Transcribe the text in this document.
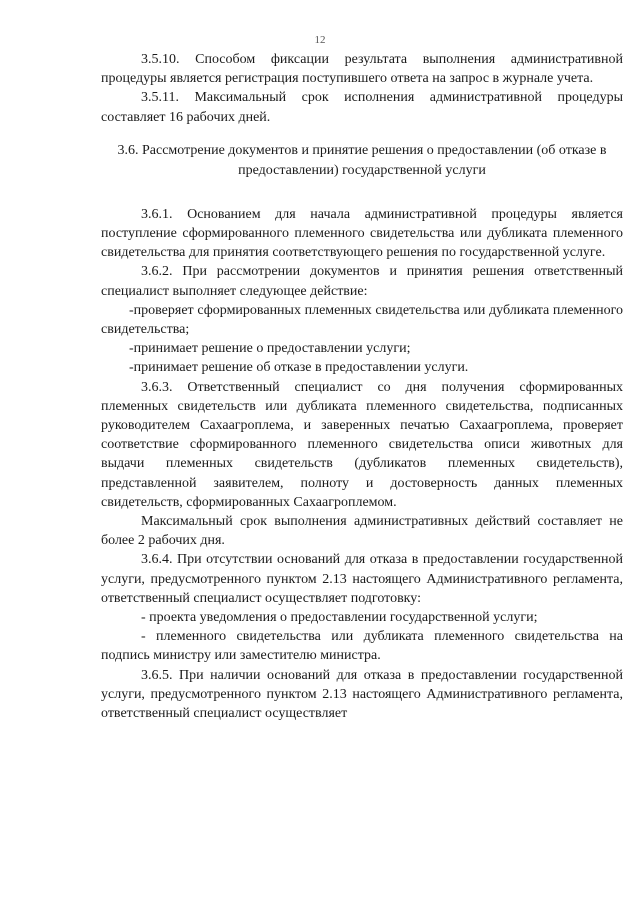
12

3.5.10. Способом фиксации результата выполнения административной процедуры является регистрация поступившего ответа на запрос в журнале учета.

3.5.11. Максимальный срок исполнения административной процедуры составляет 16 рабочих дней.

3.6. Рассмотрение документов и принятие решения о предоставлении (об отказе в предоставлении) государственной услуги

3.6.1. Основанием для начала административной процедуры является поступление сформированного племенного свидетельства или дубликата племенного свидетельства для принятия соответствующего решения по государственной услуге.

3.6.2. При рассмотрении документов и принятия решения ответственный специалист выполняет следующее действие:

-проверяет сформированных племенных свидетельства или дубликата племенного свидетельства;

-принимает решение о предоставлении услуги;

-принимает решение об отказе в предоставлении услуги.

3.6.3. Ответственный специалист со дня получения сформированных племенных свидетельств или дубликата племенного свидетельства, подписанных руководителем Сахаагроплема, и заверенных печатью Сахаагроплема, проверяет соответствие сформированного племенного свидетельства описи животных для выдачи племенных свидетельств (дубликатов племенных свидетельств), представленной заявителем, полноту и достоверность данных племенных свидетельств, сформированных Сахаагроплемом.

Максимальный срок выполнения административных действий составляет не более 2 рабочих дня.

3.6.4. При отсутствии оснований для отказа в предоставлении государственной услуги, предусмотренного пунктом 2.13 настоящего Административного регламента, ответственный специалист осуществляет подготовку:

- проекта уведомления о предоставлении государственной услуги;

- племенного свидетельства или дубликата племенного свидетельства на подпись министру или заместителю министра.

3.6.5. При наличии оснований для отказа в предоставлении государственной услуги, предусмотренного пунктом 2.13 настоящего Административного регламента, ответственный специалист осуществляет
